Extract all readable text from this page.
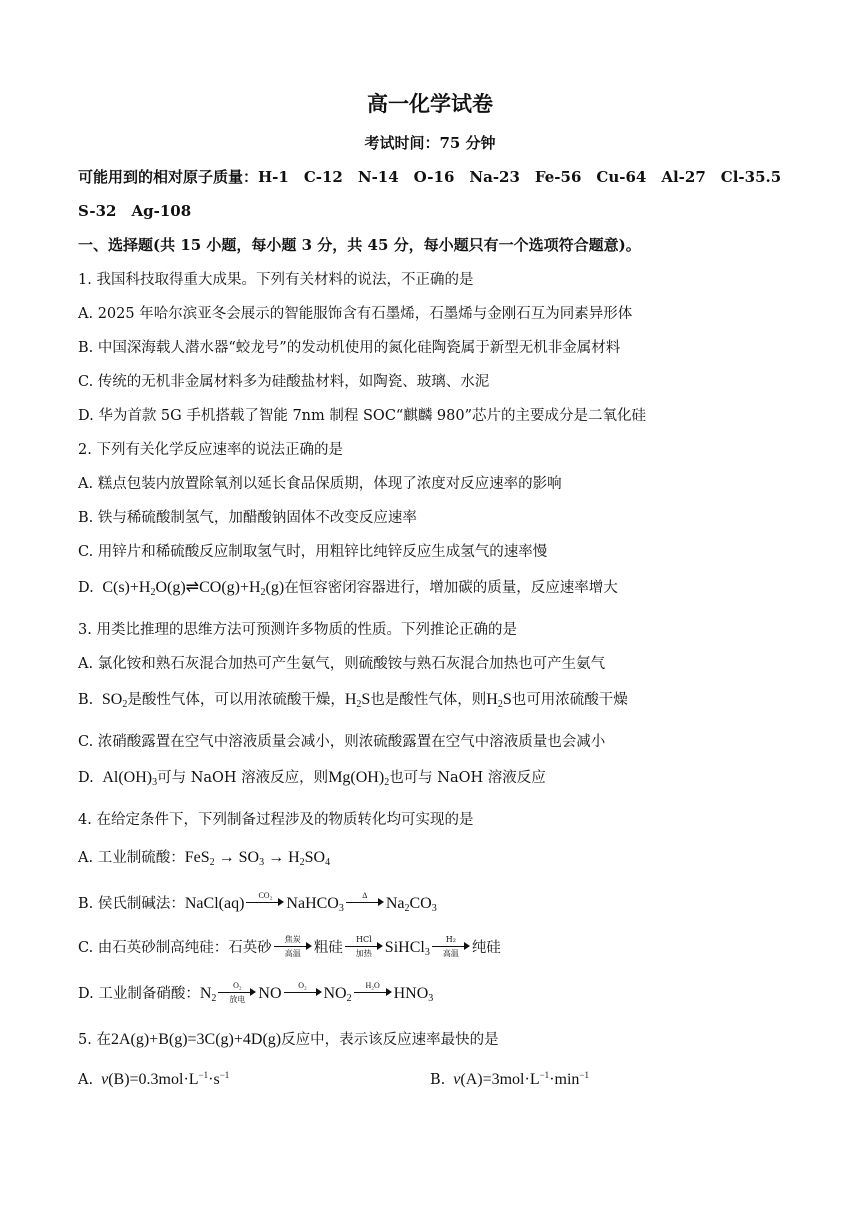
高一化学试卷
考试时间：75 分钟
可能用到的相对原子质量：H-1　C-12　N-14　O-16　Na-23　Fe-56　Cu-64　Al-27　Cl-35.5
S-32　Ag-108
一、选择题(共 15 小题，每小题 3 分，共 45 分，每小题只有一个选项符合题意)。
1. 我国科技取得重大成果。下列有关材料的说法，不正确的是
A. 2025 年哈尔滨亚冬会展示的智能服饰含有石墨烯，石墨烯与金刚石互为同素异形体
B. 中国深海载人潜水器“蛟龙号”的发动机使用的氮化硅陶瓷属于新型无机非金属材料
C. 传统的无机非金属材料多为硅酸盐材料，如陶瓷、玻璃、水泥
D. 华为首款 5G 手机搭载了智能 7nm 制程 SOC“麒麟 980”芯片的主要成分是二氧化硅
2. 下列有关化学反应速率的说法正确的是
A. 糕点包装内放置除氧剂以延长食品保质期，体现了浓度对反应速率的影响
B. 铁与稀硫酸制氢气，加醋酸钠固体不改变反应速率
C. 用锌片和稀硫酸反应制取氢气时，用粗锌比纯锌反应生成氢气的速率慢
D.  $C(s)+H_2O(g)\rightleftharpoons CO(g)+H_2(g)$在恒容密闭容器进行，增加碳的质量，反应速率增大
3. 用类比推理的思维方法可预测许多物质的性质。下列推论正确的是
A. 氯化铵和熟石灰混合加热可产生氨气，则硫酸铵与熟石灰混合加热也可产生氨气
B.  $SO_2$是酸性气体，可以用浓硫酸干燥，$H_2S$也是酸性气体，则$H_2S$也可用浓硫酸干燥
C. 浓硝酸露置在空气中溶液质量会减小，则浓硫酸露置在空气中溶液质量也会减小
D.  $Al(OH)_3$可与 NaOH 溶液反应，则$Mg(OH)_2$也可与 NaOH 溶液反应
4. 在给定条件下，下列制备过程涉及的物质转化均可实现的是
A. 工业制硫酸：$FeS_2 \to SO_3 \to H_2SO_4$
B. 侯氏制碱法：NaCl(aq)	CO₂ NaHCO$_3$
Δ	$Na_2CO_3$
C. 由石英砂制高纯硅：石英砂
焦炭
高温 粗硅
HCl
加热 SiHCl$_3$
H₂
高温 纯硅
D. 工业制备硝酸：$N_2$
O₂
放电 NO	O₂	$NO_2$
H₂O $HNO_3$
5. 在2A(g)+B(g)=3C(g)+4D(g)反应中，表示该反应速率最快的是
A. $v(B)=0.3mol\cdot L^{-1}\cdot s^{-1}$	B. $v(A)=3mol\cdot L^{-1}\cdot\min^{-1}$
